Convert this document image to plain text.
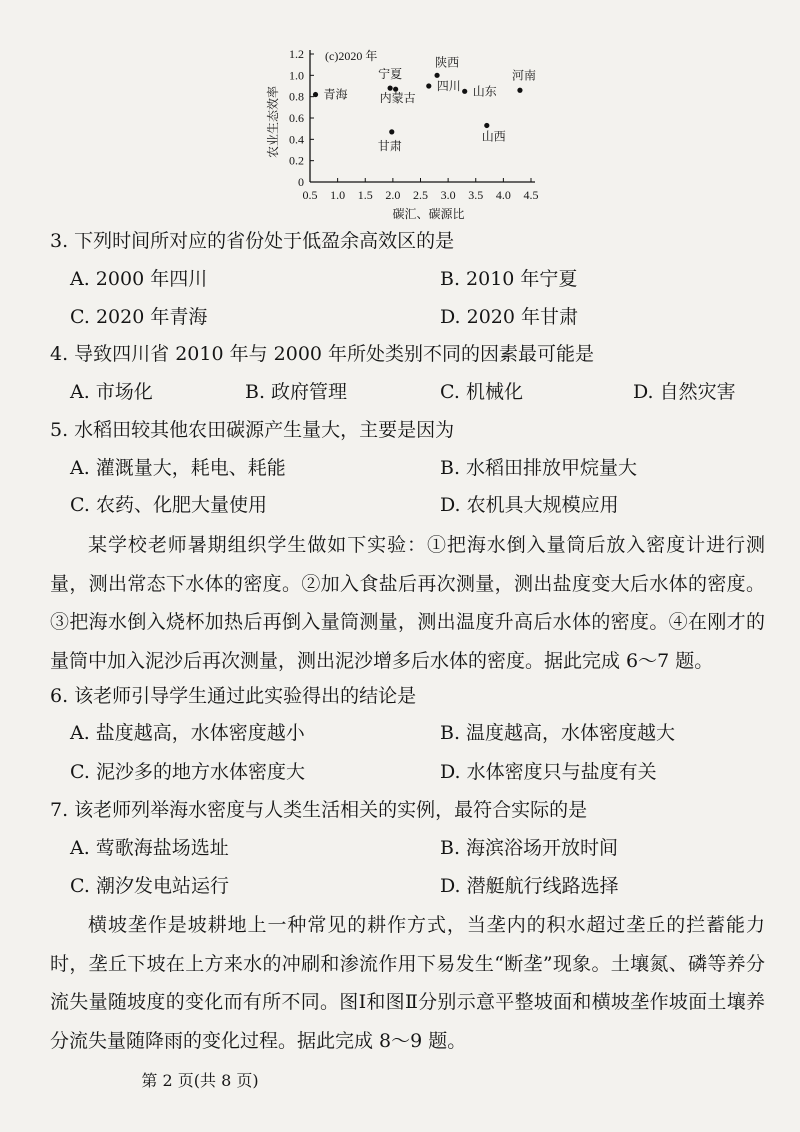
0
0.2
0.4
0.6
0.8
1.0
1.2
0.5 1.0 1.5 2.0 2.5 3.0 3.5 4.0 4.5
(c)2020 年
碳汇、碳源比
农业生态效率	青海
宁夏
内蒙古
陕西
四川 山东
河南
甘肃
山西
3. 下列时间所对应的省份处于低盈余高效区的是
A. 2000 年四川	B. 2010 年宁夏
C. 2020 年青海	D. 2020 年甘肃
4. 导致四川省 2010 年与 2000 年所处类别不同的因素最可能是
A. 市场化	B. 政府管理	C. 机械化	D. 自然灾害
5. 水稻田较其他农田碳源产生量大，主要是因为
A. 灌溉量大，耗电、耗能	B. 水稻田排放甲烷量大
C. 农药、化肥大量使用	D. 农机具大规模应用
某学校老师暑期组织学生做如下实验：①把海水倒入量筒后放入密度计进行测量，测出常态下水体的密度。②加入食盐后再次测量，测出盐度变大后水体的密度。③把海水倒入烧杯加热后再倒入量筒测量，测出温度升高后水体的密度。④在刚才的量筒中加入泥沙后再次测量，测出泥沙增多后水体的密度。据此完成 6～7 题。
6. 该老师引导学生通过此实验得出的结论是
A. 盐度越高，水体密度越小	B. 温度越高，水体密度越大
C. 泥沙多的地方水体密度大	D. 水体密度只与盐度有关
7. 该老师列举海水密度与人类生活相关的实例，最符合实际的是
A. 莺歌海盐场选址	B. 海滨浴场开放时间
C. 潮汐发电站运行	D. 潜艇航行线路选择
横坡垄作是坡耕地上一种常见的耕作方式，当垄内的积水超过垄丘的拦蓄能力时，垄丘下坡在上方来水的冲刷和渗流作用下易发生“断垄”现象。土壤氮、磷等养分流失量随坡度的变化而有所不同。图Ⅰ和图Ⅱ分别示意平整坡面和横坡垄作坡面土壤养分流失量随降雨的变化过程。据此完成 8～9 题。
第 2 页(共 8 页)
